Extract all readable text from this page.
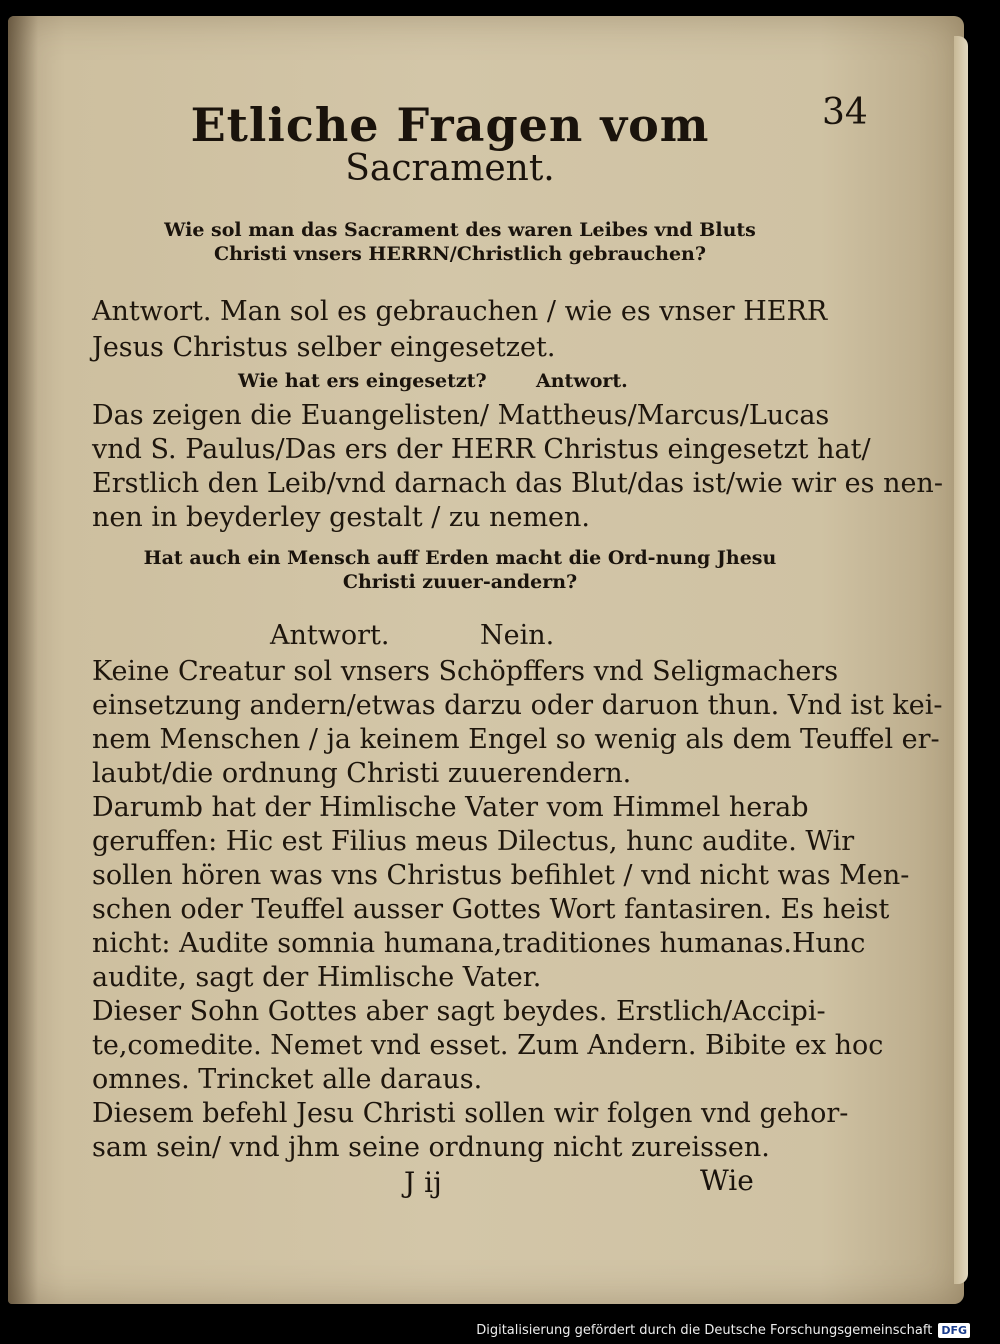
34
Etliche Fragen vom
Sacrament.
Wie sol man das Sacrament des waren Leibes vnd Bluts Christi vnsers HERRN/Christlich gebrauchen?
Antwort. Man sol es gebrauchen / wie es vnser HERR
Jesus Christus selber eingesetzet.
Wie hat ers eingesetzt?	Antwort.
Das zeigen die Euangelisten/ Mattheus/Marcus/Lucas
vnd S. Paulus/Das ers der HERR Christus eingesetzt hat/
Erstlich den Leib/vnd darnach das Blut/das ist/wie wir es nen-
nen in beyderley gestalt / zu nemen.
Hat auch ein Mensch auff Erden macht die Ord-nung Jhesu Christi zuuer-andern?
Antwort.	Nein.
Keine Creatur sol vnsers Schöpffers vnd Seligmachers
einsetzung andern/etwas darzu oder daruon thun. Vnd ist kei-
nem Menschen / ja keinem Engel so wenig als dem Teuffel er-
laubt/die ordnung Christi zuuerendern.
Darumb hat der Himlische Vater vom Himmel herab
geruffen: Hic est Filius meus Dilectus, hunc audite. Wir
sollen hören was vns Christus befihlet / vnd nicht was Men-
schen oder Teuffel ausser Gottes Wort fantasiren. Es heist
nicht: Audite somnia humana,traditiones humanas.Hunc
audite, sagt der Himlische Vater.
Dieser Sohn Gottes aber sagt beydes. Erstlich/Accipi-
te,comedite. Nemet vnd esset. Zum Andern. Bibite ex hoc
omnes. Trincket alle daraus.
Diesem befehl Jesu Christi sollen wir folgen vnd gehor-
sam sein/ vnd jhm seine ordnung nicht zureissen.
J ij	Wie
Digitalisierung gefördert durch die Deutsche Forschungsgemeinschaft DFG
